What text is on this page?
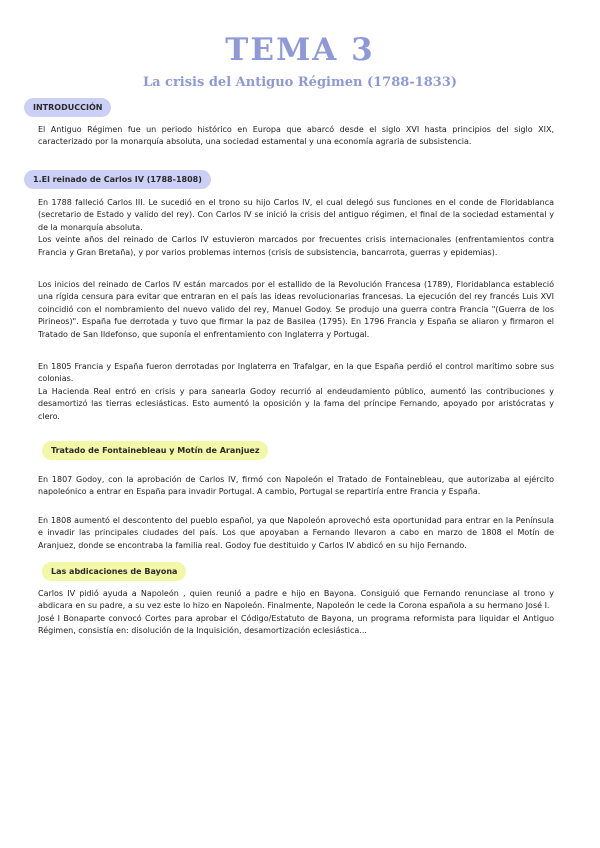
TEMA 3
La crisis del Antiguo Régimen (1788-1833)
INTRODUCCIÓN

El Antiguo Régimen fue un periodo histórico en Europa que abarcó desde el siglo XVI hasta principios del siglo XIX, caracterizado por la monarquía absoluta, una sociedad estamental y una economía agraria de subsistencia.

1.El reinado de Carlos IV (1788-1808)

En 1788 falleció Carlos III. Le sucedió en el trono su hijo Carlos IV, el cual delegó sus funciones en el conde de Floridablanca (secretario de Estado y valido del rey). Con Carlos IV se inició la crisis del antiguo régimen, el final de la sociedad estamental y de la monarquía absoluta.
Los veinte años del reinado de Carlos IV estuvieron marcados por frecuentes crisis internacionales (enfrentamientos contra Francia y Gran Bretaña), y por varios problemas internos (crisis de subsistencia, bancarrota, guerras y epidemias).

Los inicios del reinado de Carlos IV están marcados por el estallido de la Revolución Francesa (1789), Floridablanca estableció una rígida censura para evitar que entraran en el país las ideas revolucionarias francesas. La ejecución del rey francés Luis XVI coincidió con el nombramiento del nuevo valido del rey, Manuel Godoy. Se produjo una guerra contra Francia "(Guerra de los Pirineos)". España fue derrotada y tuvo que firmar la paz de Basilea (1795). En 1796 Francia y España se aliaron y firmaron el Tratado de San Ildefonso, que suponía el enfrentamiento con Inglaterra y Portugal.

En 1805 Francia y España fueron derrotadas por Inglaterra en Trafalgar, en la que España perdió el control marítimo sobre sus colonias.
La Hacienda Real entró en crisis y para sanearla Godoy recurrió al endeudamiento público, aumentó las contribuciones y desamortizó las tierras eclesiásticas. Esto aumentó la oposición y la fama del príncipe Fernando, apoyado por aristócratas y clero.

Tratado de Fontainebleau y Motín de Aranjuez

En 1807 Godoy, con la aprobación de Carlos IV, firmó con Napoleón el Tratado de Fontainebleau, que autorizaba al ejército napoleónico a entrar en España para invadir Portugal. A cambio, Portugal se repartiría entre Francia y España.

En 1808 aumentó el descontento del pueblo español, ya que Napoleón aprovechó esta oportunidad para entrar en la Península e invadir las principales ciudades del país. Los que apoyaban a Fernando llevaron a cabo en marzo de 1808 el Motín de Aranjuez, donde se encontraba la familia real. Godoy fue destituido y Carlos IV abdicó en su hijo Fernando.

Las abdicaciones de Bayona

Carlos IV pidió ayuda a Napoleón , quien reunió a padre e hijo en Bayona. Consiguió que Fernando renunciase al trono y abdicara en su padre, a su vez este lo hizo en Napoleón. Finalmente, Napoleón le cede la Corona española a su hermano José I.
José I Bonaparte convocó Cortes para aprobar el Código/Estatuto de Bayona, un programa reformista para liquidar el Antiguo Régimen, consistía en: disolución de la Inquisición, desamortización eclesiástica...
